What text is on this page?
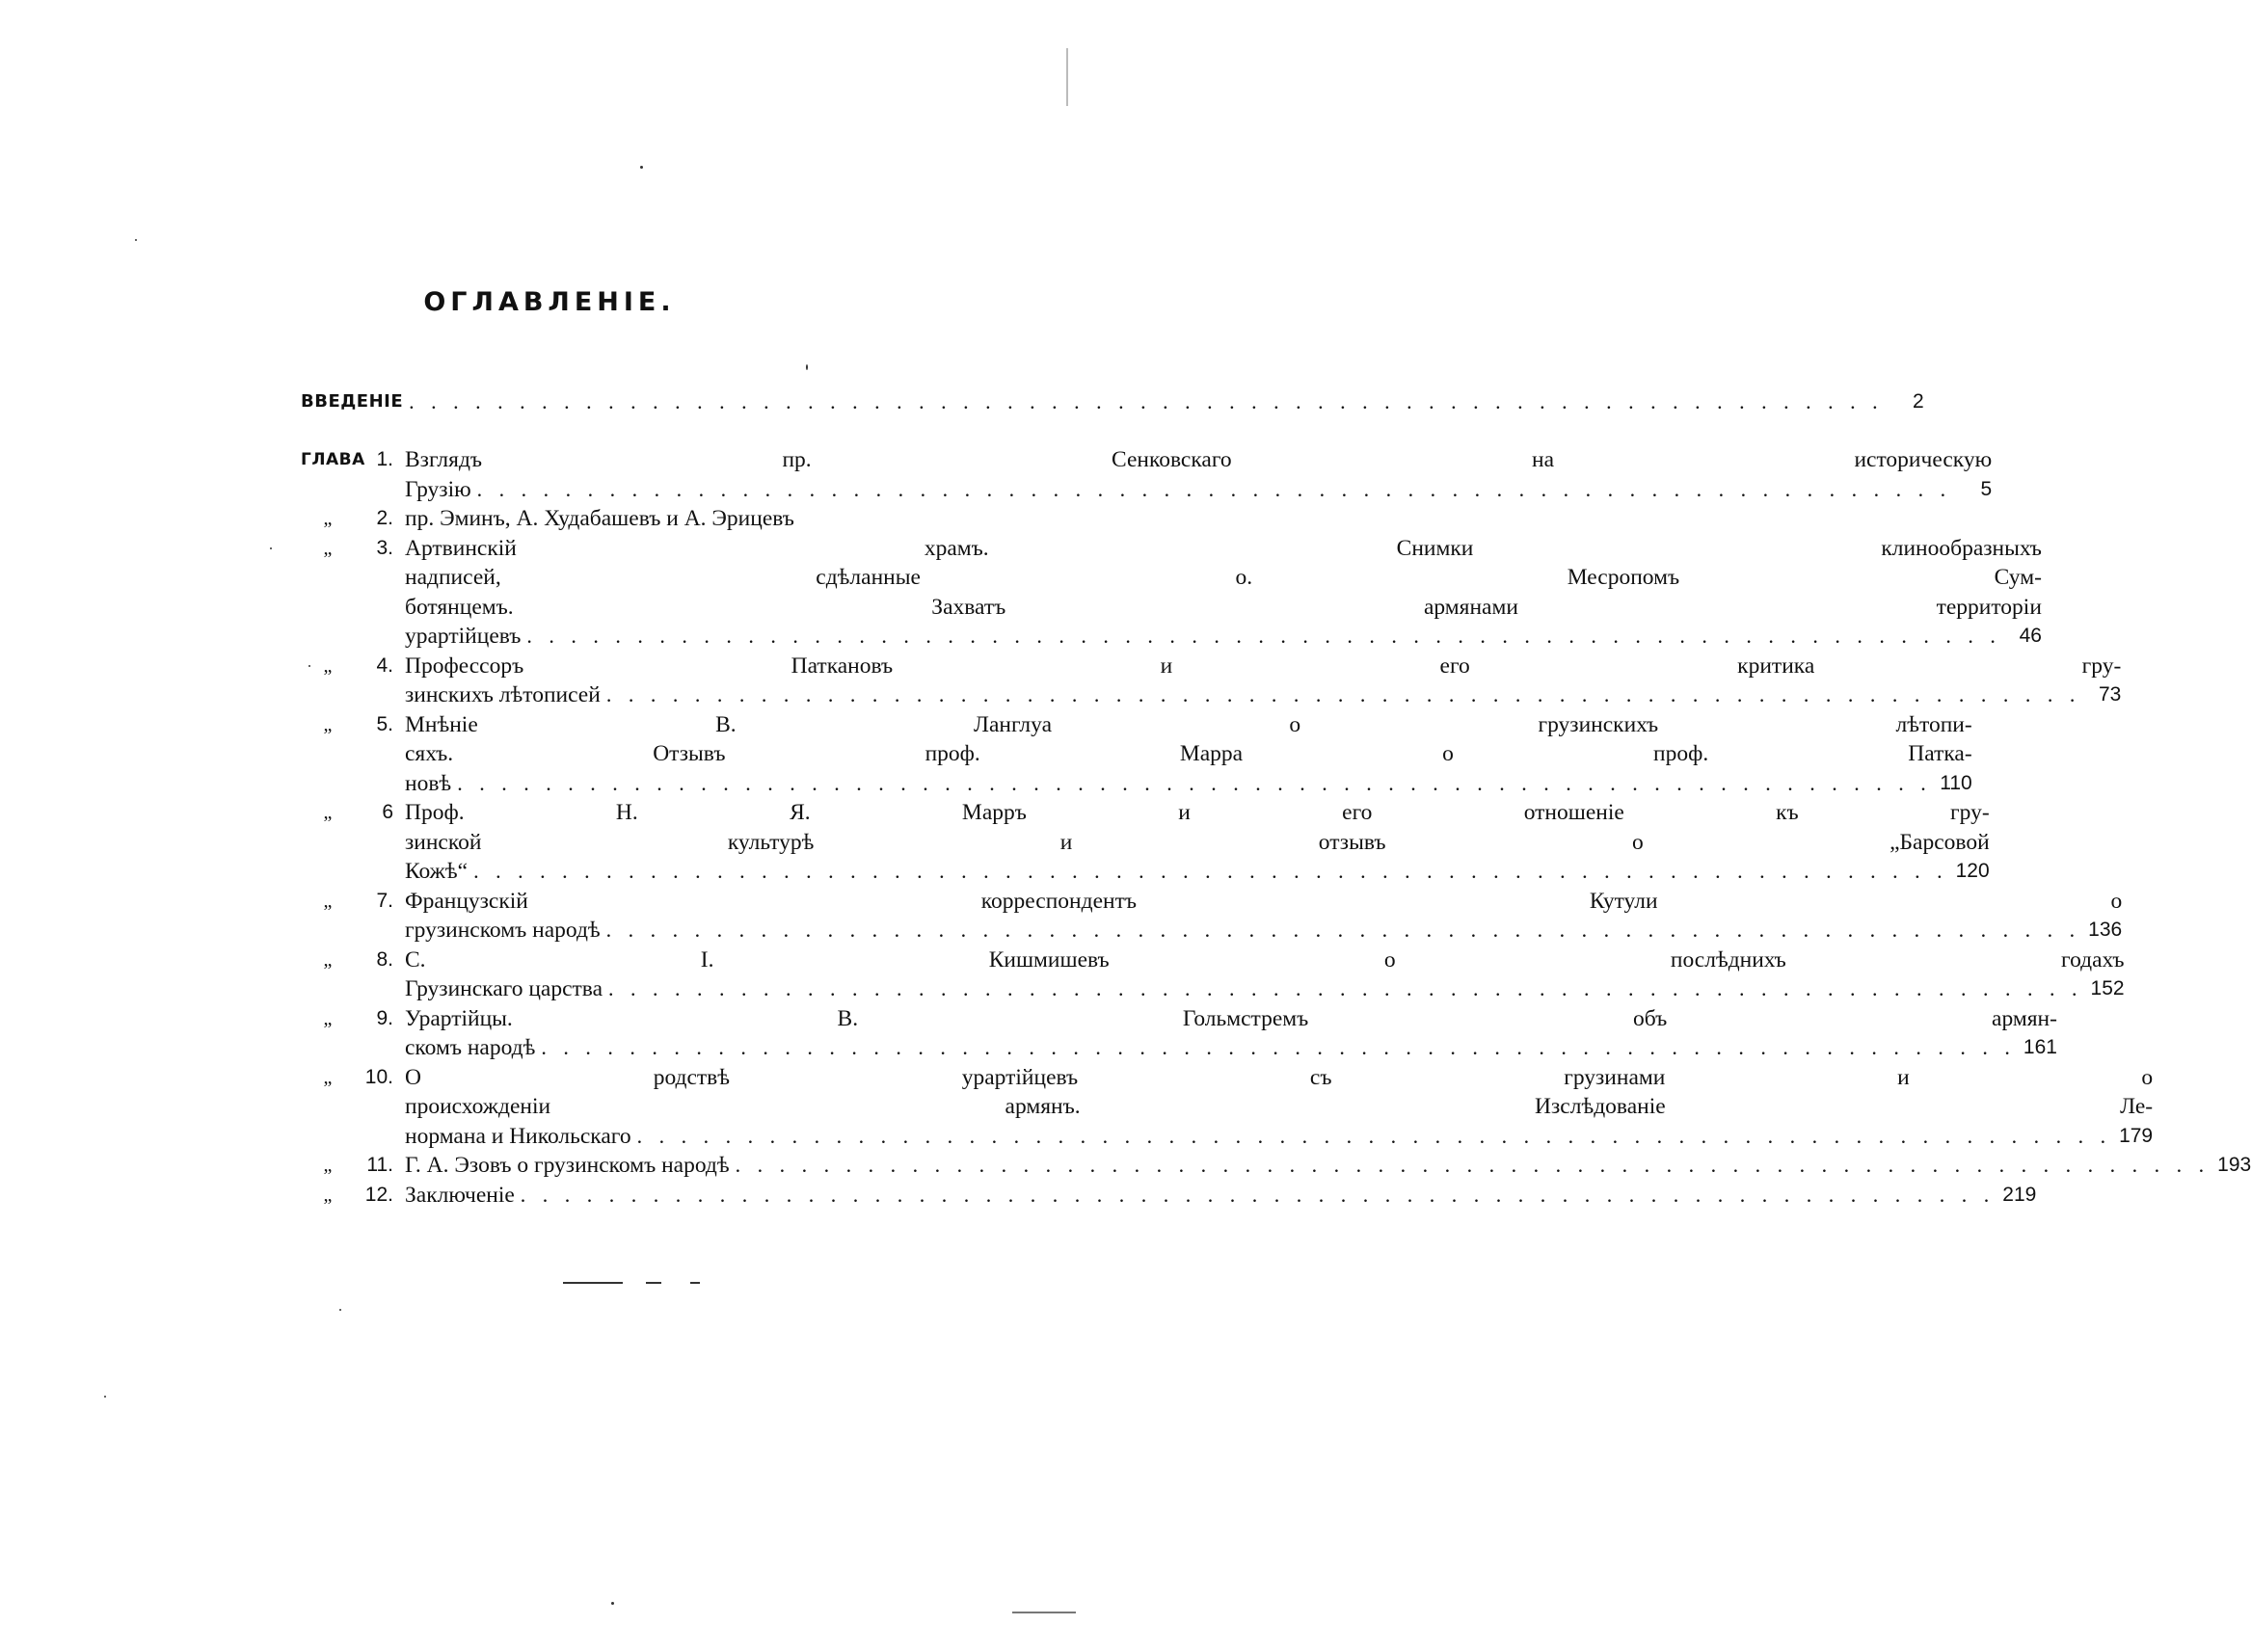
ОГЛАВЛЕНІЕ.
ВВЕДЕНІЕ . . .	2
ГЛАВА 1. Взглядъ пр. Сенковскаго на историческую
Грузію . . .	5
„	2. пр. Эминъ, А. Худабашевъ и А. Эрицевъ
„	3. Артвинскій храмъ. Снимки клинообразныхъ
надписей, сдѣланные о. Месропомъ Сум-
ботянцемъ. Захватъ армянами территоріи
урартійцевъ . . .	46
„	4. Профессоръ Паткановъ и его критика гру-
зинскихъ лѣтописей . . .	73
„	5. Мнѣніе В. Ланглуа о грузинскихъ лѣтопи-
сяхъ. Отзывъ проф. Марра о проф. Патка-
новѣ . . .	110
„	6 Проф. Н. Я. Марръ и его отношеніе къ гру-
зинской культурѣ и отзывъ о „Барсовой
Кожѣ“ . . .	120
„	7. Французскій корреспондентъ Кутули о
грузинскомъ народѣ . . .	136
„	8. С. І. Кишмишевъ о послѣднихъ годахъ
Грузинскаго царства . . .	152
„	9. Урартійцы. В. Гольмстремъ объ армян-
скомъ народѣ . . .	161
„	10. О родствѣ урартійцевъ съ грузинами и о
происхожденіи армянъ. Изслѣдованіе Ле-
нормана и Никольскаго . . .	179
„	11. Г. А. Эзовъ о грузинскомъ народѣ . . .	193
„	12. Заключеніе . . .	219
